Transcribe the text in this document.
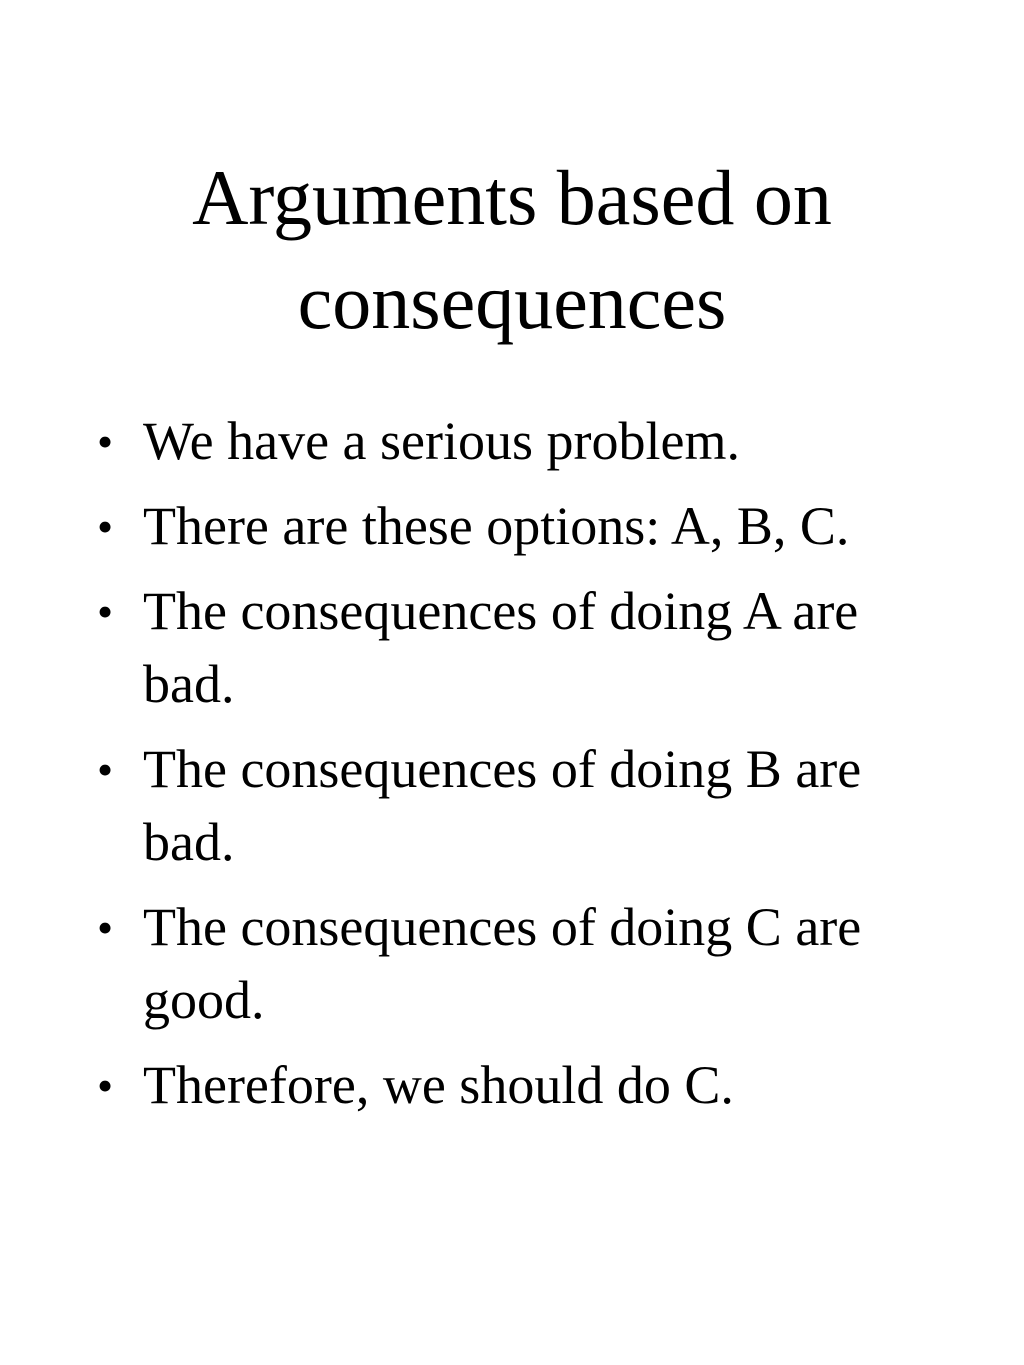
Arguments based on
consequences
• We have a serious problem.
• There are these options: A, B, C.
• The consequences of doing A are bad.
• The consequences of doing B are bad.
• The consequences of doing C are good.
• Therefore, we should do C.
